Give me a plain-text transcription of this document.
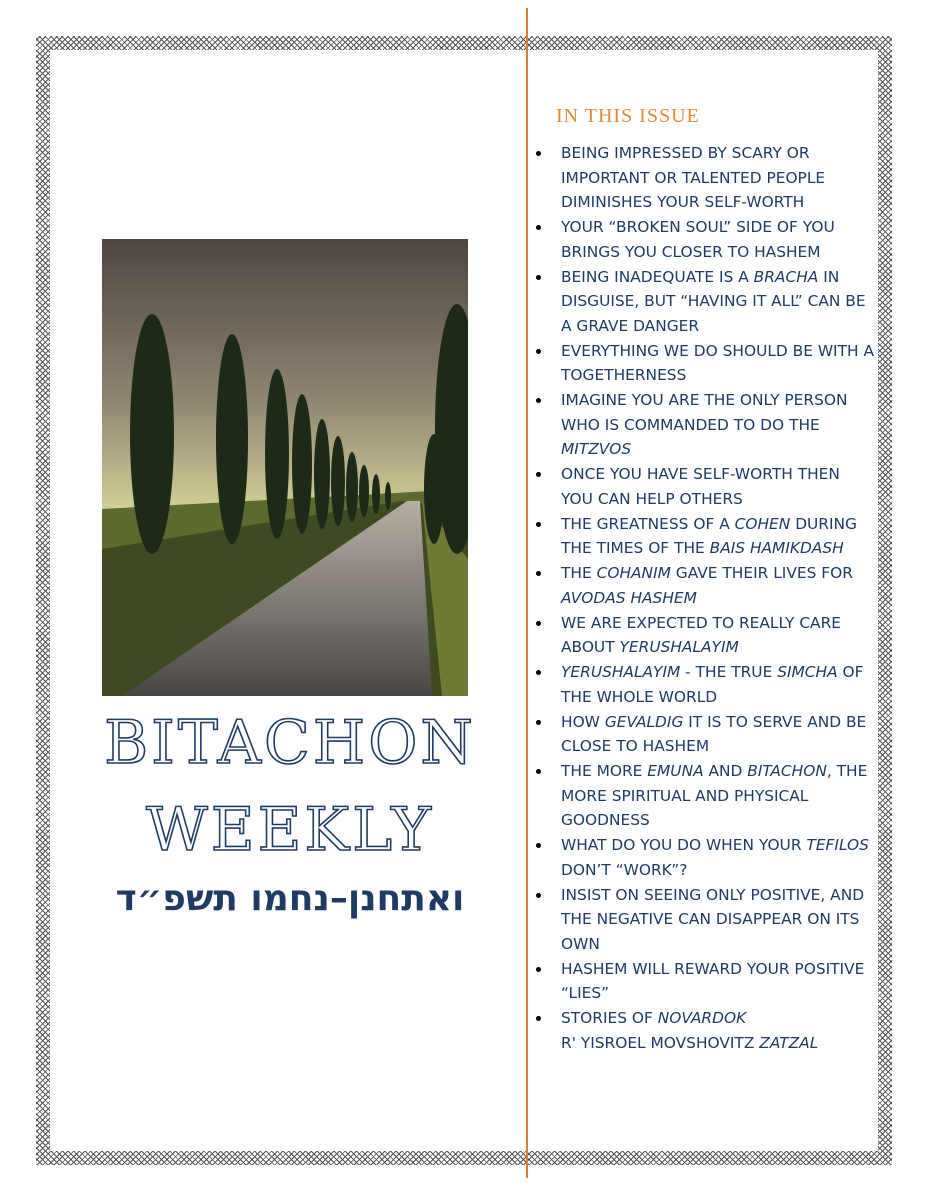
BITACHON
WEEKLY
ואתחנן–נחמו תשפ״ד
IN THIS ISSUE
BEING IMPRESSED BY SCARY OR IMPORTANT OR TALENTED PEOPLE DIMINISHES YOUR SELF-WORTH
YOUR “BROKEN SOUL” SIDE OF YOU BRINGS YOU CLOSER TO HASHEM
BEING INADEQUATE IS A BRACHA IN DISGUISE, BUT “HAVING IT ALL” CAN BE A GRAVE DANGER
EVERYTHING WE DO SHOULD BE WITH A TOGETHERNESS
IMAGINE YOU ARE THE ONLY PERSON WHO IS COMMANDED TO DO THE MITZVOS
ONCE YOU HAVE SELF-WORTH THEN YOU CAN HELP OTHERS
THE GREATNESS OF A COHEN DURING THE TIMES OF THE BAIS HAMIKDASH
THE COHANIM GAVE THEIR LIVES FOR AVODAS HASHEM
WE ARE EXPECTED TO REALLY CARE ABOUT YERUSHALAYIM
YERUSHALAYIM - THE TRUE SIMCHA OF THE WHOLE WORLD
HOW GEVALDIG IT IS TO SERVE AND BE CLOSE TO HASHEM
THE MORE EMUNA AND BITACHON, THE MORE SPIRITUAL AND PHYSICAL GOODNESS
WHAT DO YOU DO WHEN YOUR TEFILOS DON’T “WORK”?
INSIST ON SEEING ONLY POSITIVE, AND THE NEGATIVE CAN DISAPPEAR ON ITS OWN
HASHEM WILL REWARD YOUR POSITIVE “LIES”
STORIES OF NOVARDOK
R' YISROEL MOVSHOVITZ ZATZAL
